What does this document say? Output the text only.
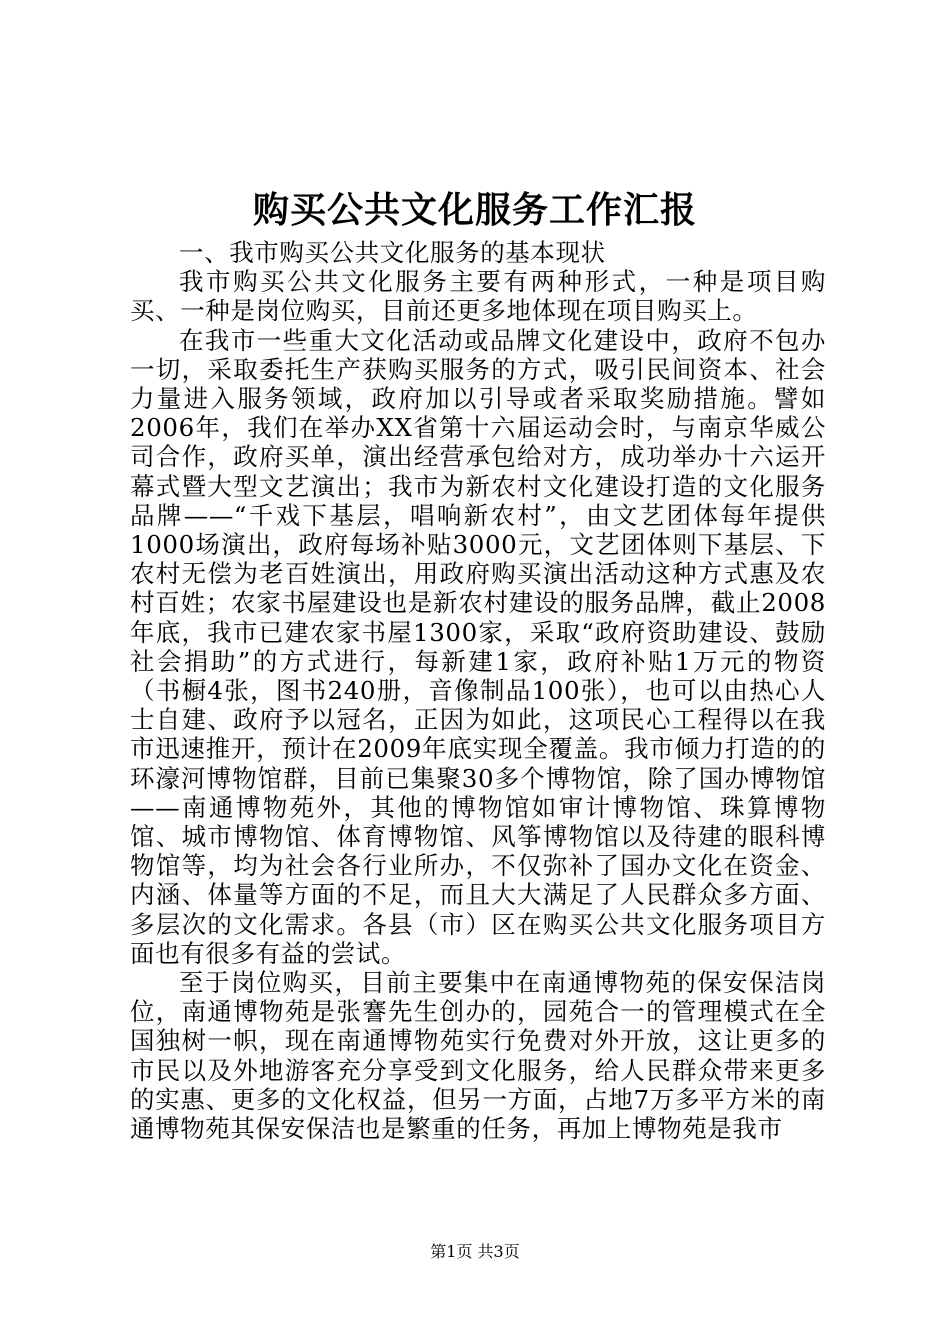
购买公共文化服务工作汇报

一、我市购买公共文化服务的基本现状

我市购买公共文化服务主要有两种形式，一种是项目购买、一种是岗位购买，目前还更多地体现在项目购买上。

在我市一些重大文化活动或品牌文化建设中，政府不包办一切，采取委托生产获购买服务的方式，吸引民间资本、社会力量进入服务领域，政府加以引导或者采取奖励措施。譬如2006年，我们在举办XX省第十六届运动会时，与南京华威公司合作，政府买单，演出经营承包给对方，成功举办十六运开幕式暨大型文艺演出；我市为新农村文化建设打造的文化服务品牌——“千戏下基层，唱响新农村”，由文艺团体每年提供1000场演出，政府每场补贴3000元，文艺团体则下基层、下农村无偿为老百姓演出，用政府购买演出活动这种方式惠及农村百姓；农家书屋建设也是新农村建设的服务品牌，截止2008年底，我市已建农家书屋1300家，采取“政府资助建设、鼓励社会捐助”的方式进行，每新建1家，政府补贴1万元的物资（书橱4张，图书240册，音像制品100张），也可以由热心人士自建、政府予以冠名，正因为如此，这项民心工程得以在我市迅速推开，预计在2009年底实现全覆盖。我市倾力打造的的环濠河博物馆群，目前已集聚30多个博物馆，除了国办博物馆——南通博物苑外，其他的博物馆如审计博物馆、珠算博物馆、城市博物馆、体育博物馆、风筝博物馆以及待建的眼科博物馆等，均为社会各行业所办，不仅弥补了国办文化在资金、内涵、体量等方面的不足，而且大大满足了人民群众多方面、多层次的文化需求。各县（市）区在购买公共文化服务项目方面也有很多有益的尝试。

至于岗位购买，目前主要集中在南通博物苑的保安保洁岗位，南通博物苑是张謇先生创办的，园苑合一的管理模式在全国独树一帜，现在南通博物苑实行免费对外开放，这让更多的市民以及外地游客充分享受到文化服务，给人民群众带来更多的实惠、更多的文化权益，但另一方面，占地7万多平方米的南通博物苑其保安保洁也是繁重的任务，再加上博物苑是我市

第1页 共3页
